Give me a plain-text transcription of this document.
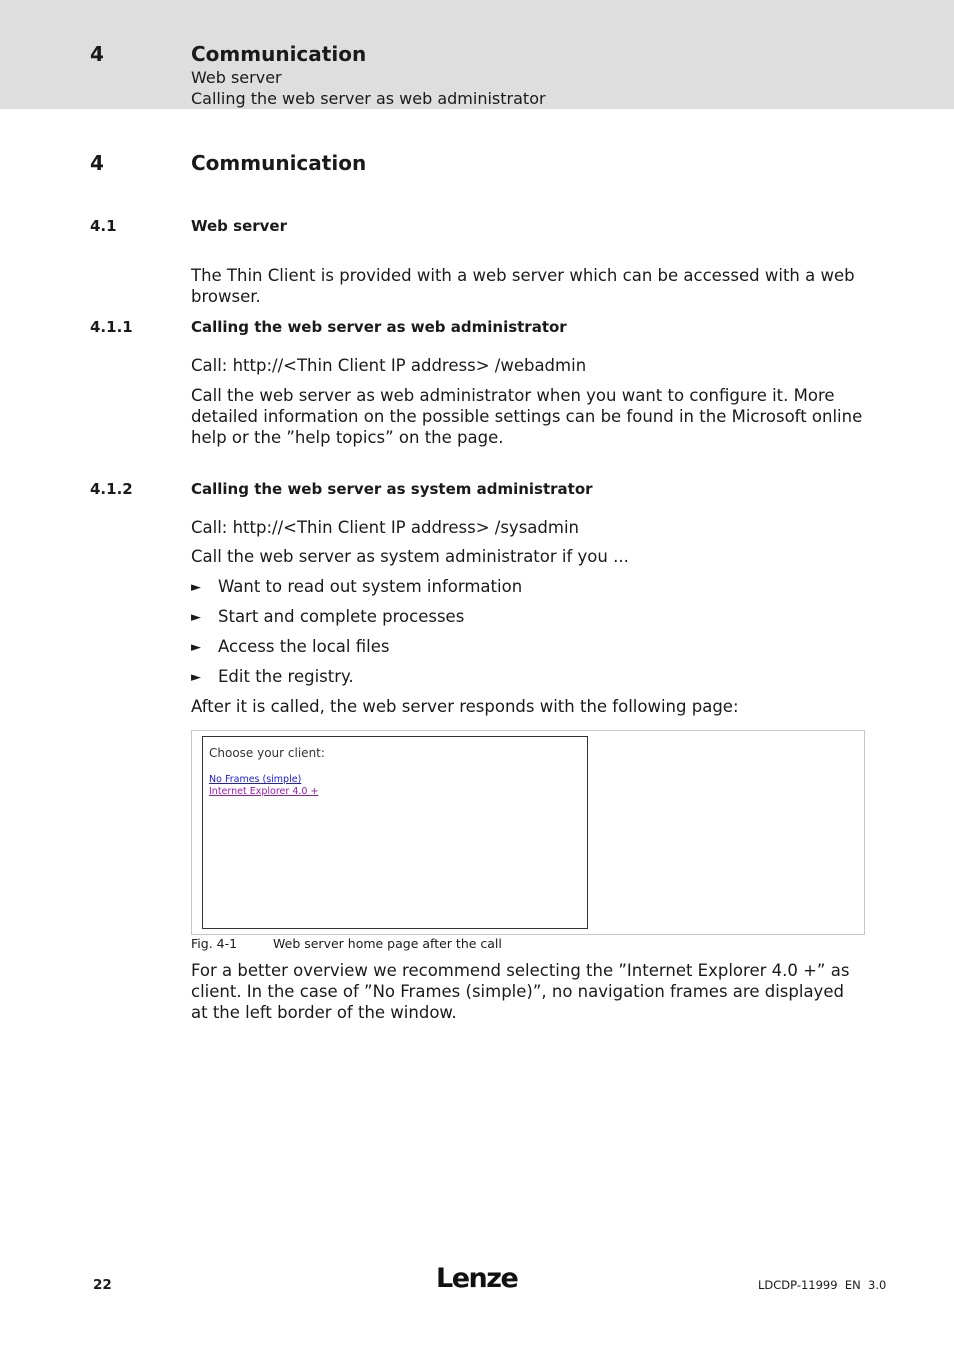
4	Communication
Web server
Calling the web server as web administrator
4	Communication
4.1	Web server
The Thin Client is provided with a web server which can be accessed with a web browser.
4.1.1	Calling the web server as web administrator
Call: http://<Thin Client IP address> /webadmin
Call the web server as web administrator when you want to configure it. More detailed information on the possible settings can be found in the Microsoft online help or the ”help topics” on the page.
4.1.2	Calling the web server as system administrator
Call: http://<Thin Client IP address> /sysadmin
Call the web server as system administrator if you ...
► Want to read out system information
► Start and complete processes
► Access the local files
► Edit the registry.
After it is called, the web server responds with the following page:
Choose your client:
No Frames (simple)
Internet Explorer 4.0 +
Fig. 4-1	Web server home page after the call
For a better overview we recommend selecting the ”Internet Explorer 4.0 +” as client. In the case of ”No Frames (simple)”, no navigation frames are displayed at the left border of the window.
22	Lenze	LDCDP-11999  EN  3.0
